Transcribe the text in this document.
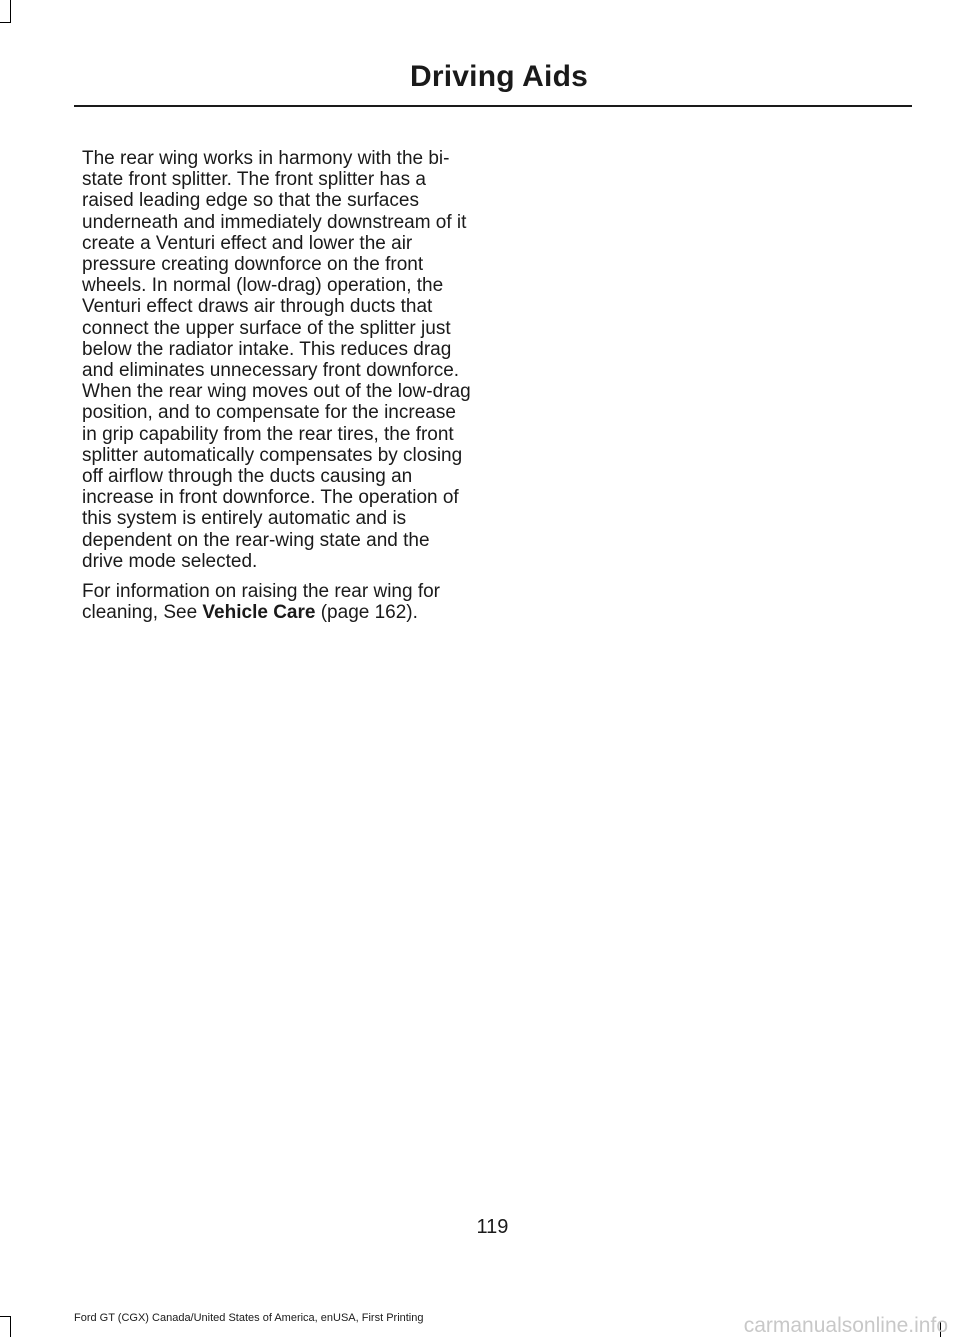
Driving Aids

The rear wing works in harmony with the bi-state front splitter. The front splitter has a raised leading edge so that the surfaces underneath and immediately downstream of it create a Venturi effect and lower the air pressure creating downforce on the front wheels. In normal (low-drag) operation, the Venturi effect draws air through ducts that connect the upper surface of the splitter just below the radiator intake. This reduces drag and eliminates unnecessary front downforce. When the rear wing moves out of the low-drag position, and to compensate for the increase in grip capability from the rear tires, the front splitter automatically compensates by closing off airflow through the ducts causing an increase in front downforce. The operation of this system is entirely automatic and is dependent on the rear-wing state and the drive mode selected.

For information on raising the rear wing for cleaning, See Vehicle Care (page 162).

119
Ford GT (CGX) Canada/United States of America, enUSA, First Printing	carmanualsonline.info
